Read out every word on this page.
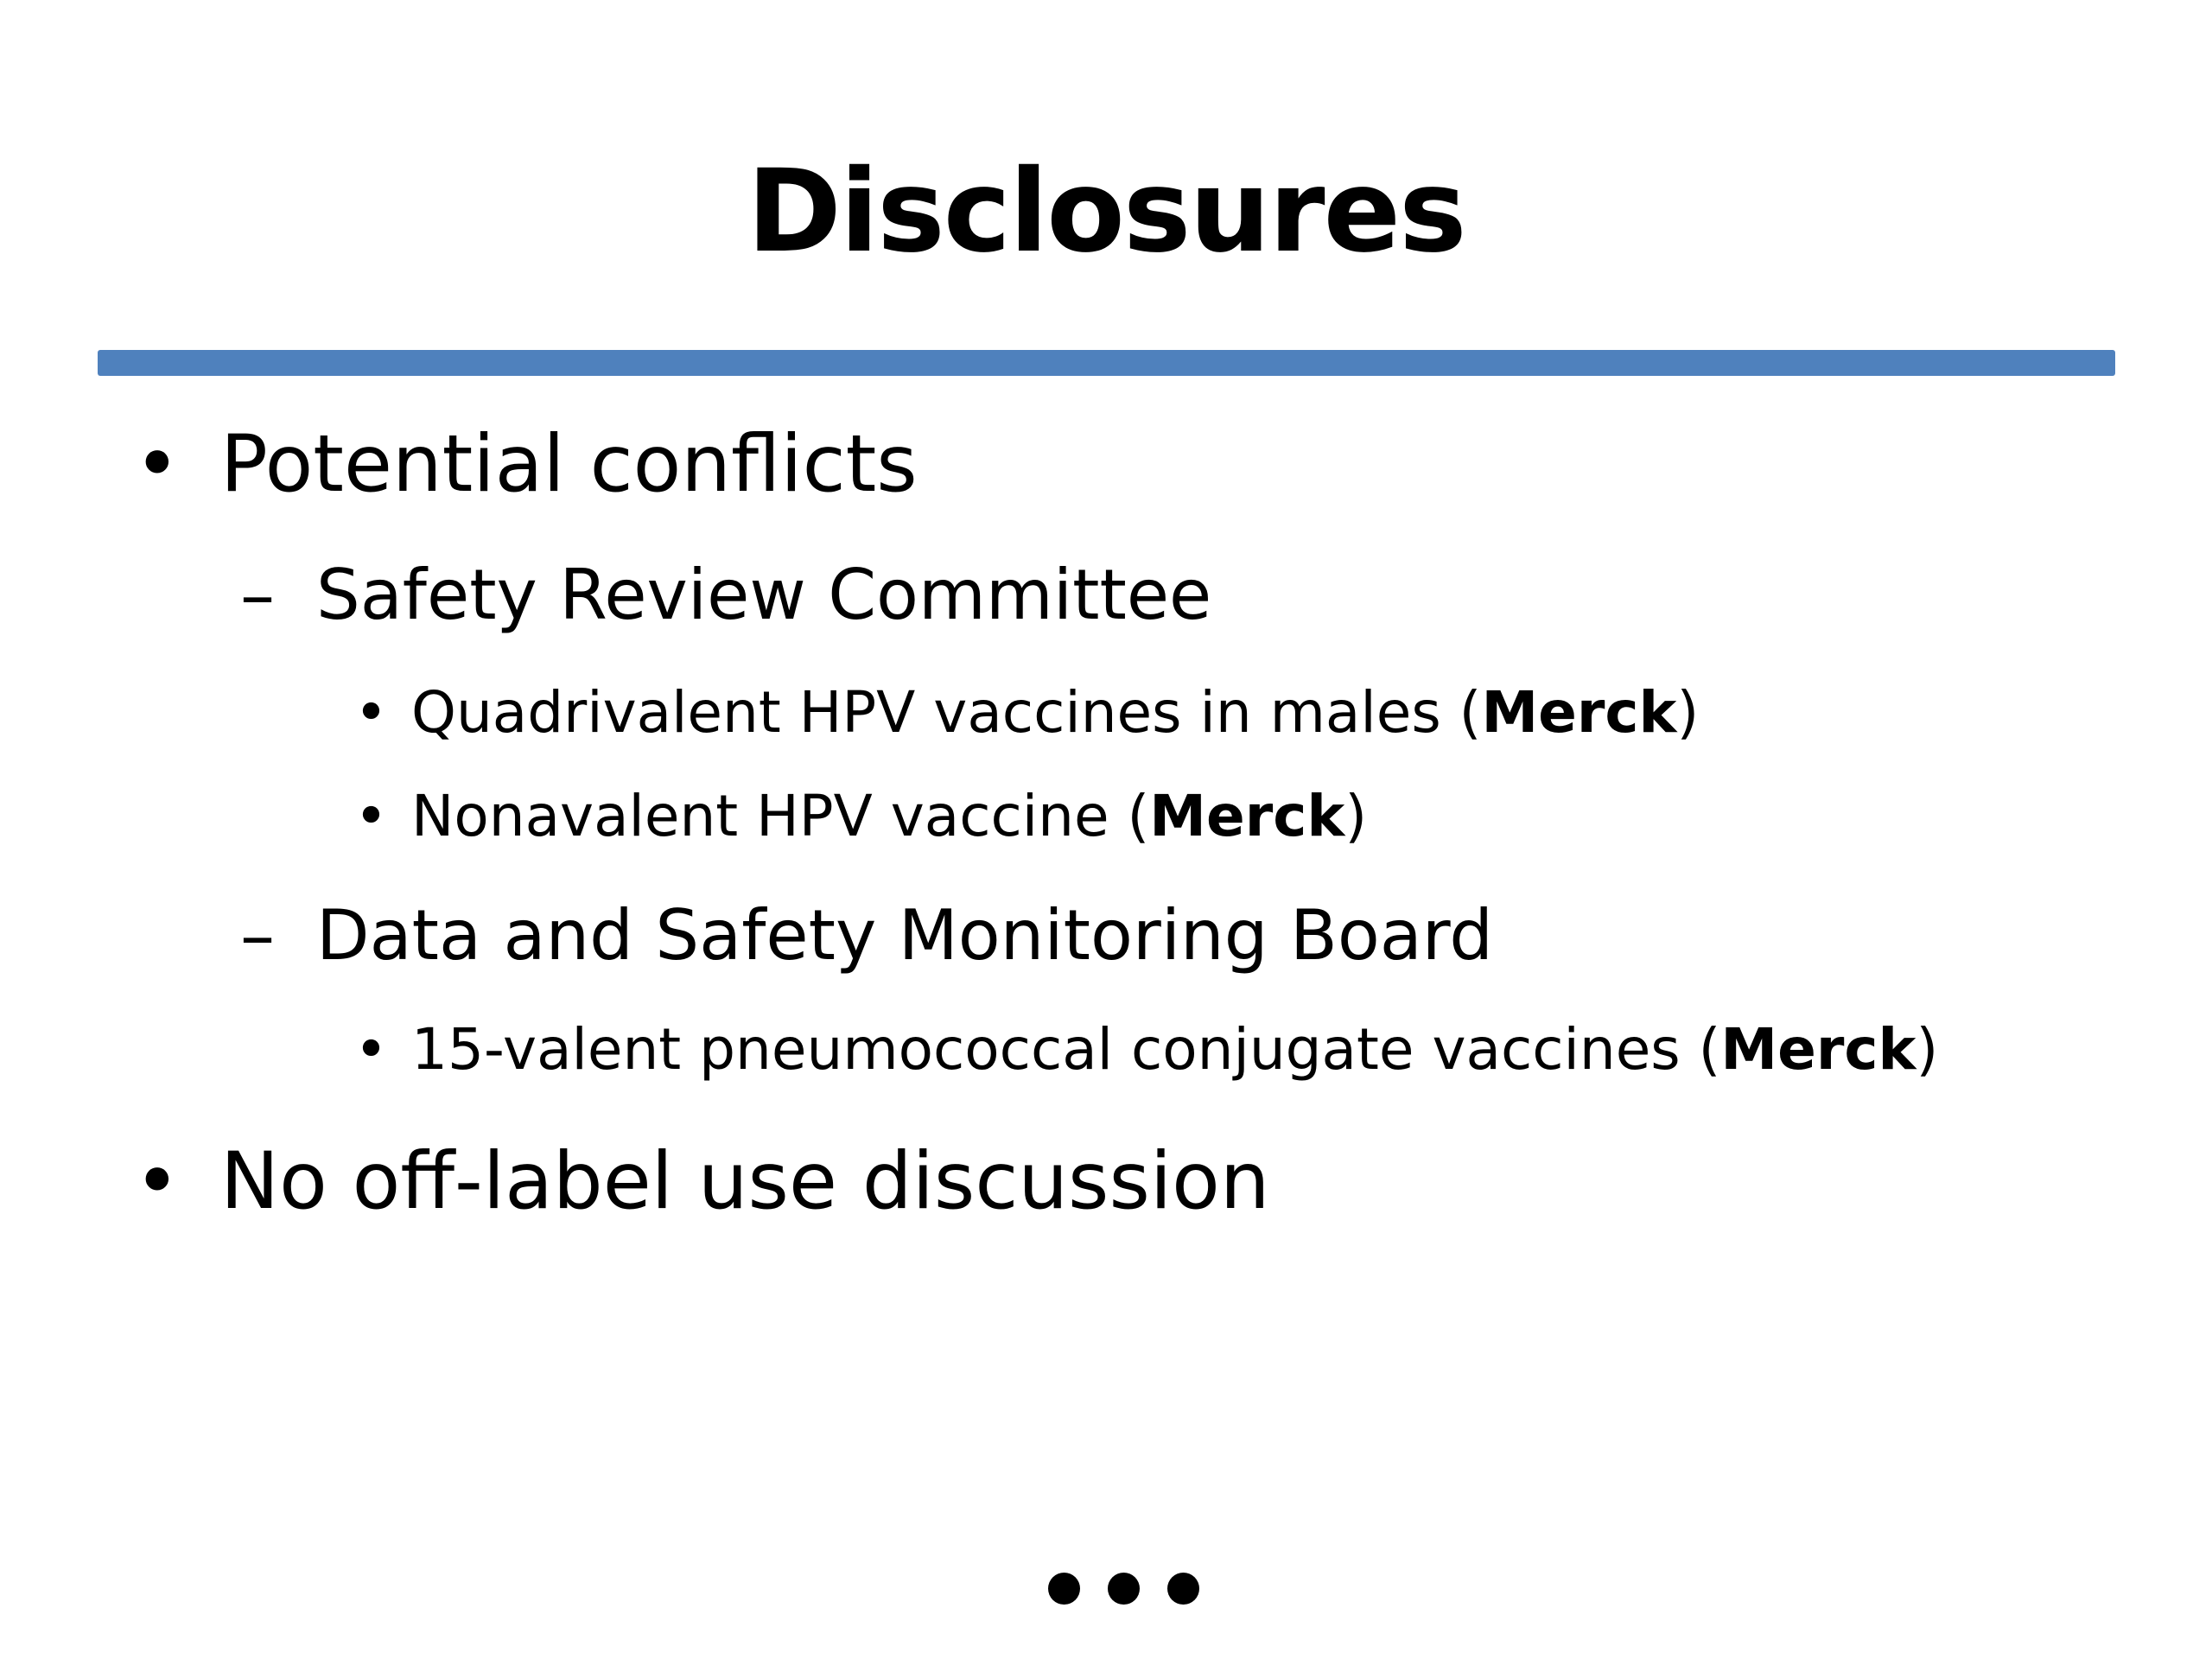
Disclosures
• Potential conflicts
– Safety Review Committee
• Quadrivalent HPV vaccines in males (Merck)
• Nonavalent HPV vaccine (Merck)
– Data and Safety Monitoring Board
• 15-valent pneumococcal conjugate vaccines (Merck)
• No off-label use discussion
